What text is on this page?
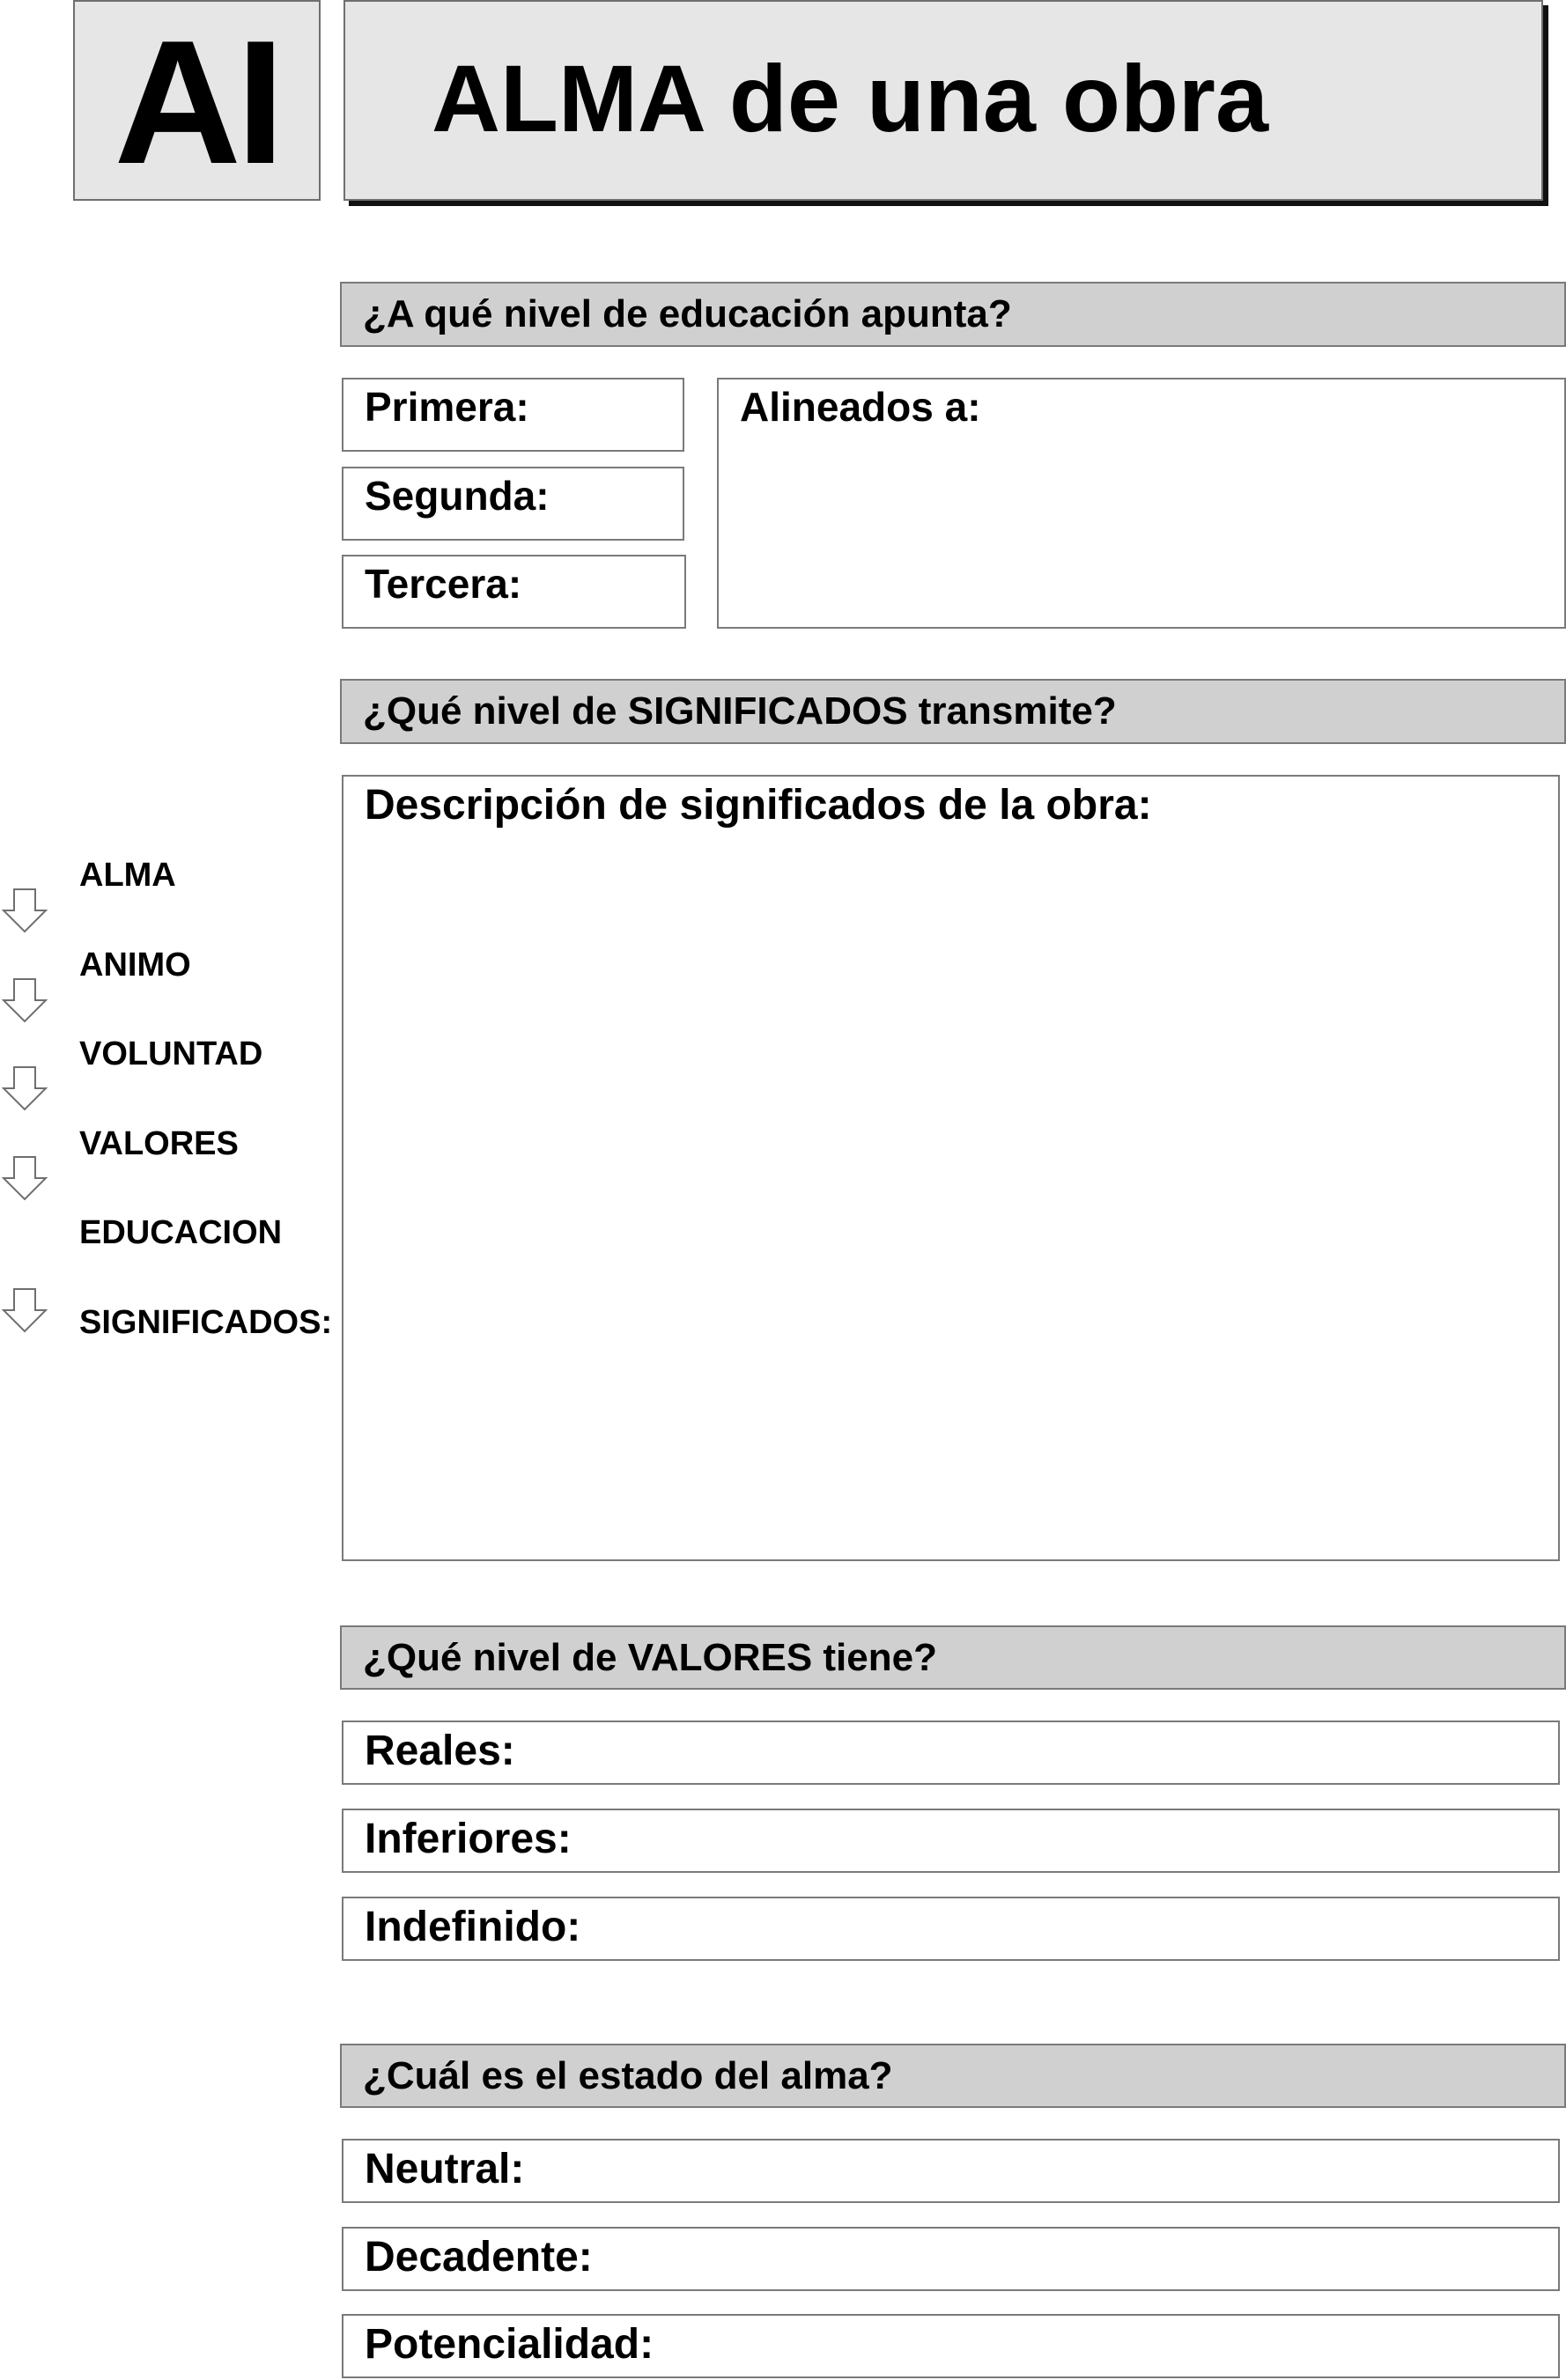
AI ALMA de una obra
¿A qué nivel de educación apunta?
Primera:
Segunda:
Tercera:
Alineados a:
¿Qué nivel de SIGNIFICADOS transmite?
Descripción de significados de la obra:
ALMA
ANIMO
VOLUNTAD
VALORES
EDUCACION
SIGNIFICADOS:
¿Qué nivel de VALORES tiene?
Reales:
Inferiores:
Indefinido:
¿Cuál es el estado del alma?
Neutral:
Decadente:
Potencialidad:
